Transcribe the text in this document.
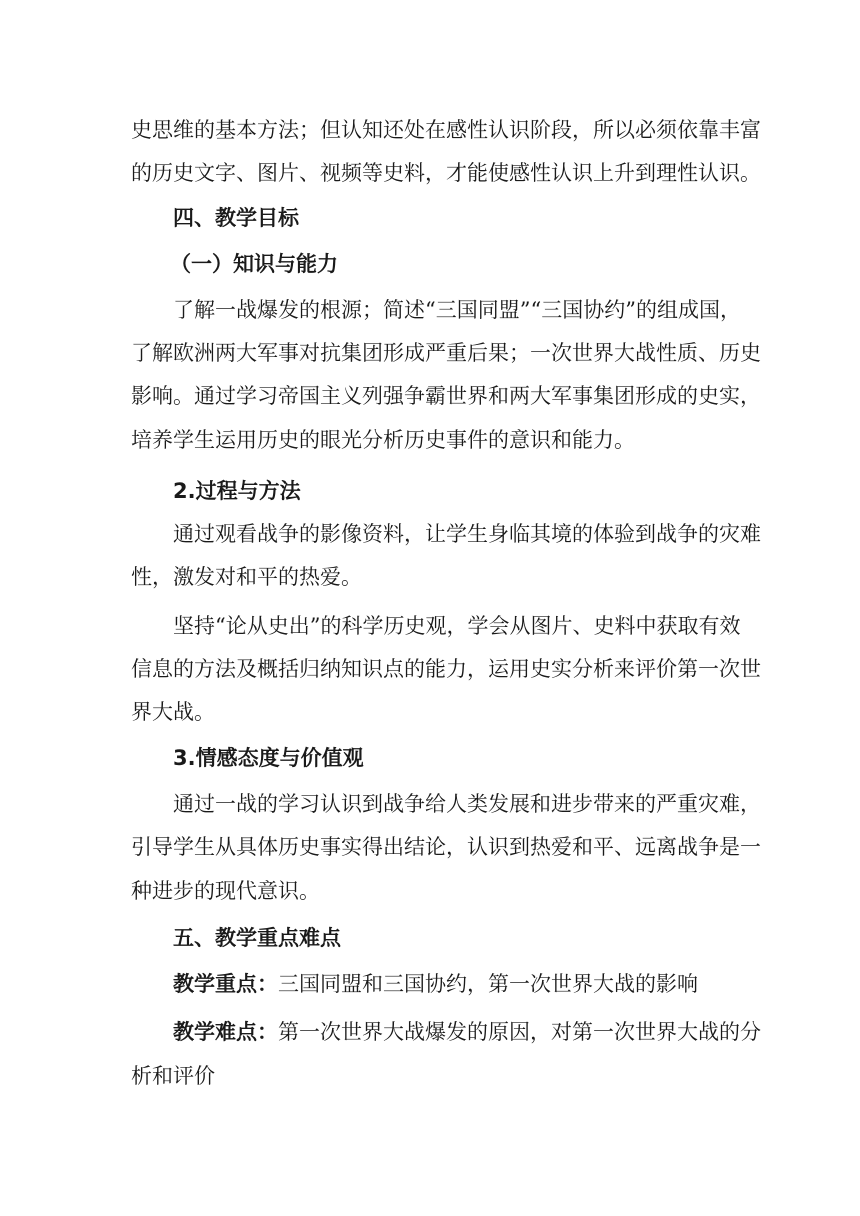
史思维的基本方法；但认知还处在感性认识阶段，所以必须依靠丰富
的历史文字、图片、视频等史料，才能使感性认识上升到理性认识。
四、教学目标
（一）知识与能力
了解一战爆发的根源；简述“三国同盟”“三国协约”的组成国，
了解欧洲两大军事对抗集团形成严重后果；一次世界大战性质、历史
影响。通过学习帝国主义列强争霸世界和两大军事集团形成的史实，
培养学生运用历史的眼光分析历史事件的意识和能力。
2.过程与方法
通过观看战争的影像资料，让学生身临其境的体验到战争的灾难
性，激发对和平的热爱。
坚持“论从史出”的科学历史观，学会从图片、史料中获取有效
信息的方法及概括归纳知识点的能力，运用史实分析来评价第一次世
界大战。
3.情感态度与价值观
通过一战的学习认识到战争给人类发展和进步带来的严重灾难，
引导学生从具体历史事实得出结论，认识到热爱和平、远离战争是一
种进步的现代意识。
五、教学重点难点
教学重点：三国同盟和三国协约，第一次世界大战的影响
教学难点：第一次世界大战爆发的原因，对第一次世界大战的分
析和评价
